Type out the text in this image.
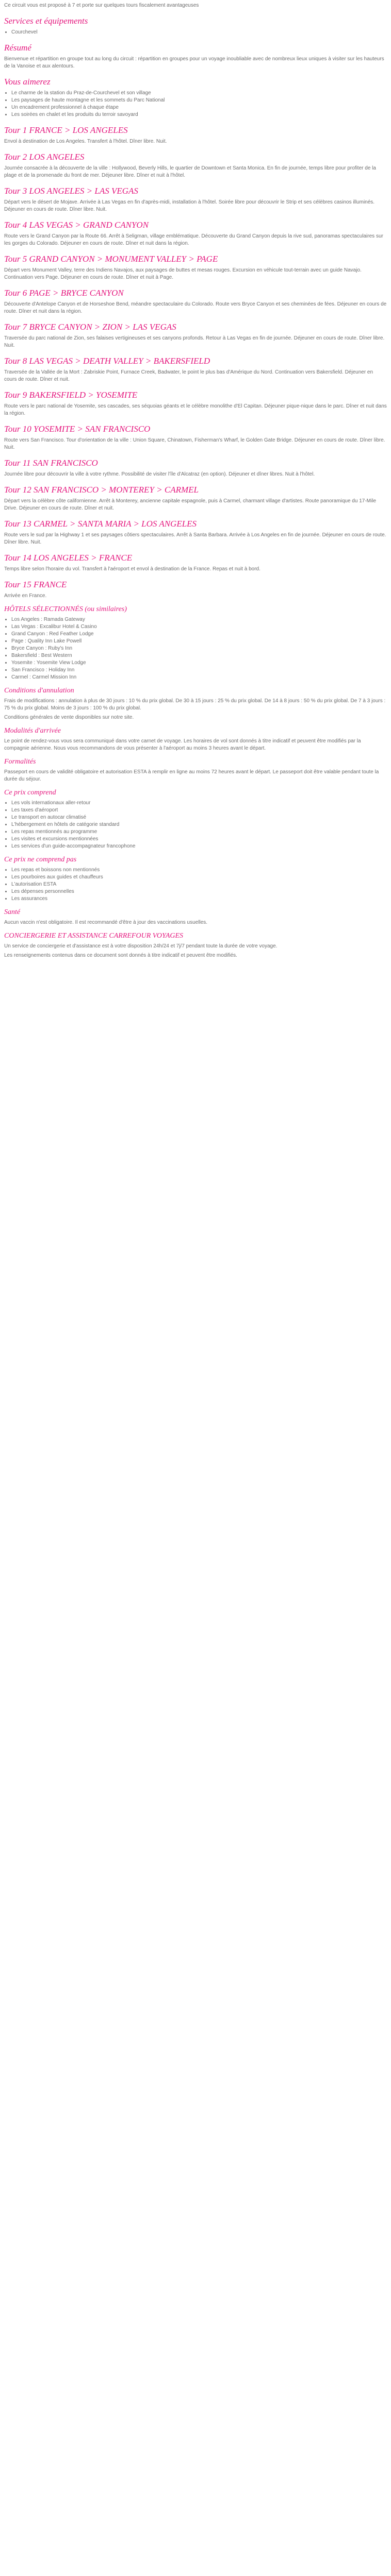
Ce circuit vous est proposé à 7 et porte sur quelques tours fiscalement avantageuses

Services et équipements
• Courchevel
Résumé

Bienvenue et répartition en groupe tout au long du circuit : répartition en groupes pour un voyage inoubliable avec de nombreux lieux uniques à visiter sur les hauteurs de la Vanoise et aux alentours.

Vous aimerez
• Le charme de la station du Praz-de-Courchevel et son village
• Les paysages de haute montagne et les sommets du Parc National
• Un encadrement professionnel à chaque étape
• Les soirées en chalet et les produits du terroir savoyard
Tour 1 FRANCE > LOS ANGELES

Envol à destination de Los Angeles. Transfert à l'hôtel. Dîner libre. Nuit.

Tour 2 LOS ANGELES

Journée consacrée à la découverte de la ville : Hollywood, Beverly Hills, le quartier de Downtown et Santa Monica. En fin de journée, temps libre pour profiter de la plage et de la promenade du front de mer. Déjeuner libre. Dîner et nuit à l'hôtel.

Tour 3 LOS ANGELES > LAS VEGAS

Départ vers le désert de Mojave. Arrivée à Las Vegas en fin d'après-midi, installation à l'hôtel. Soirée libre pour découvrir le Strip et ses célèbres casinos illuminés. Déjeuner en cours de route. Dîner libre. Nuit.

Tour 4 LAS VEGAS > GRAND CANYON

Route vers le Grand Canyon par la Route 66. Arrêt à Seligman, village emblématique. Découverte du Grand Canyon depuis la rive sud, panoramas spectaculaires sur les gorges du Colorado. Déjeuner en cours de route. Dîner et nuit dans la région.

Tour 5 GRAND CANYON > MONUMENT VALLEY > PAGE

Départ vers Monument Valley, terre des Indiens Navajos, aux paysages de buttes et mesas rouges. Excursion en véhicule tout-terrain avec un guide Navajo. Continuation vers Page. Déjeuner en cours de route. Dîner et nuit à Page.

Tour 6 PAGE > BRYCE CANYON

Découverte d'Antelope Canyon et de Horseshoe Bend, méandre spectaculaire du Colorado. Route vers Bryce Canyon et ses cheminées de fées. Déjeuner en cours de route. Dîner et nuit dans la région.

Tour 7 BRYCE CANYON > ZION > LAS VEGAS

Traversée du parc national de Zion, ses falaises vertigineuses et ses canyons profonds. Retour à Las Vegas en fin de journée. Déjeuner en cours de route. Dîner libre. Nuit.

Tour 8 LAS VEGAS > DEATH VALLEY > BAKERSFIELD

Traversée de la Vallée de la Mort : Zabriskie Point, Furnace Creek, Badwater, le point le plus bas d'Amérique du Nord. Continuation vers Bakersfield. Déjeuner en cours de route. Dîner et nuit.

Tour 9 BAKERSFIELD > YOSEMITE

Route vers le parc national de Yosemite, ses cascades, ses séquoias géants et le célèbre monolithe d'El Capitan. Déjeuner pique-nique dans le parc. Dîner et nuit dans la région.

Tour 10 YOSEMITE > SAN FRANCISCO

Route vers San Francisco. Tour d'orientation de la ville : Union Square, Chinatown, Fisherman's Wharf, le Golden Gate Bridge. Déjeuner en cours de route. Dîner libre. Nuit.

Tour 11 SAN FRANCISCO

Journée libre pour découvrir la ville à votre rythme. Possibilité de visiter l'île d'Alcatraz (en option). Déjeuner et dîner libres. Nuit à l'hôtel.

Tour 12 SAN FRANCISCO > MONTEREY > CARMEL

Départ vers la célèbre côte californienne. Arrêt à Monterey, ancienne capitale espagnole, puis à Carmel, charmant village d'artistes. Route panoramique du 17-Mile Drive. Déjeuner en cours de route. Dîner et nuit.

Tour 13 CARMEL > SANTA MARIA > LOS ANGELES

Route vers le sud par la Highway 1 et ses paysages côtiers spectaculaires. Arrêt à Santa Barbara. Arrivée à Los Angeles en fin de journée. Déjeuner en cours de route. Dîner libre. Nuit.

Tour 14 LOS ANGELES > FRANCE

Temps libre selon l'horaire du vol. Transfert à l'aéroport et envol à destination de la France. Repas et nuit à bord.

Tour 15 FRANCE

Arrivée en France.

HÔTELS SÉLECTIONNÉS (ou similaires)
• Los Angeles : Ramada Gateway
• Las Vegas : Excalibur Hotel & Casino
• Grand Canyon : Red Feather Lodge
• Page : Quality Inn Lake Powell
• Bryce Canyon : Ruby's Inn
• Bakersfield : Best Western
• Yosemite : Yosemite View Lodge
• San Francisco : Holiday Inn
• Carmel : Carmel Mission Inn
Conditions d'annulation

Frais de modifications : annulation à plus de 30 jours : 10 % du prix global. De 30 à 15 jours : 25 % du prix global. De 14 à 8 jours : 50 % du prix global. De 7 à 3 jours : 75 % du prix global. Moins de 3 jours : 100 % du prix global.

Conditions générales de vente disponibles sur notre site.

Modalités d'arrivée

Le point de rendez-vous vous sera communiqué dans votre carnet de voyage. Les horaires de vol sont donnés à titre indicatif et peuvent être modifiés par la compagnie aérienne. Nous vous recommandons de vous présenter à l'aéroport au moins 3 heures avant le départ.

Formalités

Passeport en cours de validité obligatoire et autorisation ESTA à remplir en ligne au moins 72 heures avant le départ. Le passeport doit être valable pendant toute la durée du séjour.

Ce prix comprend
• Les vols internationaux aller-retour
• Les taxes d'aéroport
• Le transport en autocar climatisé
• L'hébergement en hôtels de catégorie standard
• Les repas mentionnés au programme
• Les visites et excursions mentionnées
• Les services d'un guide-accompagnateur francophone
Ce prix ne comprend pas
• Les repas et boissons non mentionnés
• Les pourboires aux guides et chauffeurs
• L'autorisation ESTA
• Les dépenses personnelles
• Les assurances
Santé

Aucun vaccin n'est obligatoire. Il est recommandé d'être à jour des vaccinations usuelles.

CONCIERGERIE ET ASSISTANCE CARREFOUR VOYAGES

Un service de conciergerie et d'assistance est à votre disposition 24h/24 et 7j/7 pendant toute la durée de votre voyage.

Les renseignements contenus dans ce document sont donnés à titre indicatif et peuvent être modifiés.
